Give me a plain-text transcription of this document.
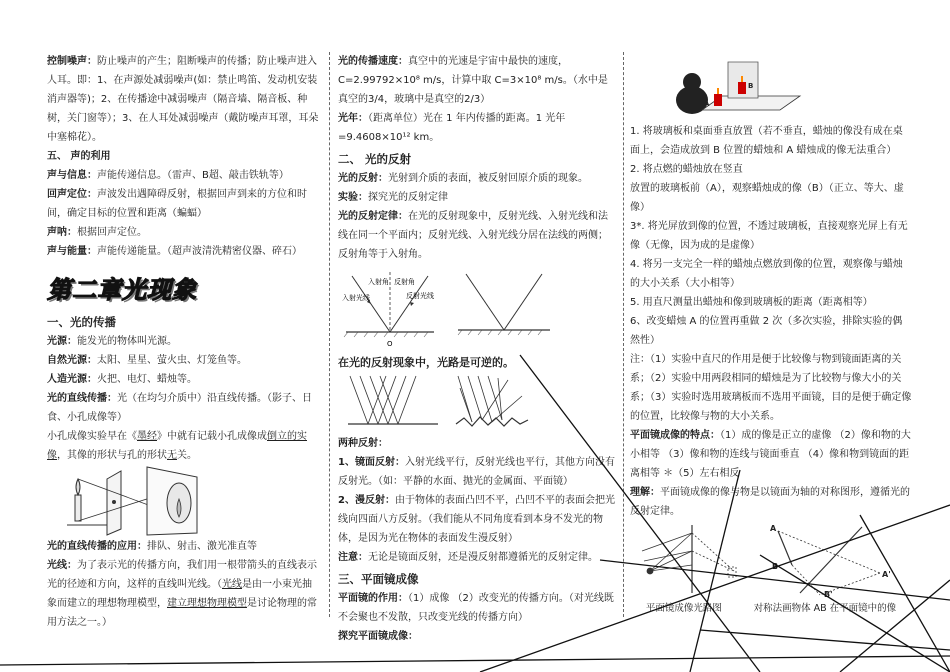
控制噪声：防止噪声的产生；阻断噪声的传播；防止噪声进入人耳。即：1、在声源处减弱噪声(如：禁止鸣笛、发动机安装消声器等)；2、在传播途中减弱噪声（隔音墙、隔音板、种树，关门窗等）；3、在人耳处减弱噪声（戴防噪声耳罩，耳朵中塞棉花）。

五、 声的利用

声与信息：声能传递信息。（雷声、B超、敲击铁轨等）

回声定位：声波发出遇障碍反射，根据回声到来的方位和时间，确定目标的位置和距离（蝙蝠）

声呐：根据回声定位。

声与能量：声能传递能量。（超声波清洗精密仪器、碎石）

第二章光现象

一、光的传播

光源：能发光的物体叫光源。

自然光源：太阳、星星、萤火虫、灯笼鱼等。

人造光源：火把、电灯、蜡烛等。

光的直线传播：光（在均匀介质中）沿直线传播。（影子、日食、小孔成像等）

小孔成像实验早在《墨经》中就有记载小孔成像成倒立的实像，其像的形状与孔的形状无关。

光的直线传播的应用：排队、射击、激光准直等

光线：为了表示光的传播方向，我们用一根带箭头的直线表示光的径迹和方向，这样的直线叫光线。（光线是由一小束光抽象而建立的理想物理模型，建立理想物理模型是讨论物理的常用方法之一。）

光的传播速度：真空中的光速是宇宙中最快的速度，C=2.99792×10⁸ m/s，计算中取 C=3×10⁸ m/s。（水中是真空的3/4，玻璃中是真空的2/3）

光年：（距离单位）光在 1 年内传播的距离。1 光年=9.4608×10¹² km。

二、 光的反射

光的反射：光射到介质的表面，被反射回原介质的现象。

实验：探究光的反射定律

光的反射定律：在光的反射现象中，反射光线、入射光线和法线在同一个平面内；反射光线、入射光线分居在法线的两侧；反射角等于入射角。

入射角 反射角
入射光线	反射光线
O

在光的反射现象中，光路是可逆的。

两种反射：

1、镜面反射：入射光线平行，反射光线也平行，其他方向没有反射光。（如：平静的水面、抛光的金属面、平面镜）

2、漫反射：由于物体的表面凸凹不平，凸凹不平的表面会把光线向四面八方反射。（我们能从不同角度看到本身不发光的物体，是因为光在物体的表面发生漫反射）

注意：无论是镜面反射，还是漫反射都遵循光的反射定律。

三、平面镜成像

平面镜的作用：（1）成像 （2）改变光的传播方向。（对光线既不会聚也不发散，只改变光线的传播方向）

探究平面镜成像：

A
B

1. 将玻璃板和桌面垂直放置（若不垂直，蜡烛的像没有成在桌面上，会造成放到 B 位置的蜡烛和 A 蜡烛成的像无法重合）

2. 将点燃的蜡烛放在竖直

放置的玻璃板前（A），观察蜡烛成的像（B）（正立、等大、虚像）

3*. 将光屏放到像的位置，不透过玻璃板，直接观察光屏上有无像（无像，因为成的是虚像）

4. 将另一支完全一样的蜡烛点燃放到像的位置，观察像与蜡烛的大小关系（大小相等）

5. 用直尺测量出蜡烛和像到玻璃板的距离（距离相等）

6、改变蜡烛 A 的位置再重做 2 次（多次实验，排除实验的偶然性）

注：（1）实验中直尺的作用是便于比较像与物到镜面距离的关系；（2）实验中用两段相同的蜡烛是为了比较物与像大小的关系；（3）实验时选用玻璃板而不选用平面镜，目的是便于确定像的位置，比较像与物的大小关系。

平面镜成像的特点：（1）成的像是正立的虚像 （2）像和物的大小相等 （3）像和物的连线与镜面垂直 （4）像和物到镜面的距离相等 ＊（5）左右相反

理解：平面镜成像的像与物是以镜面为轴的对称图形，遵循光的反射定律。

A
B
A'
B'
平面镜成像光路图	对称法画物体 AB 在平面镜中的像
